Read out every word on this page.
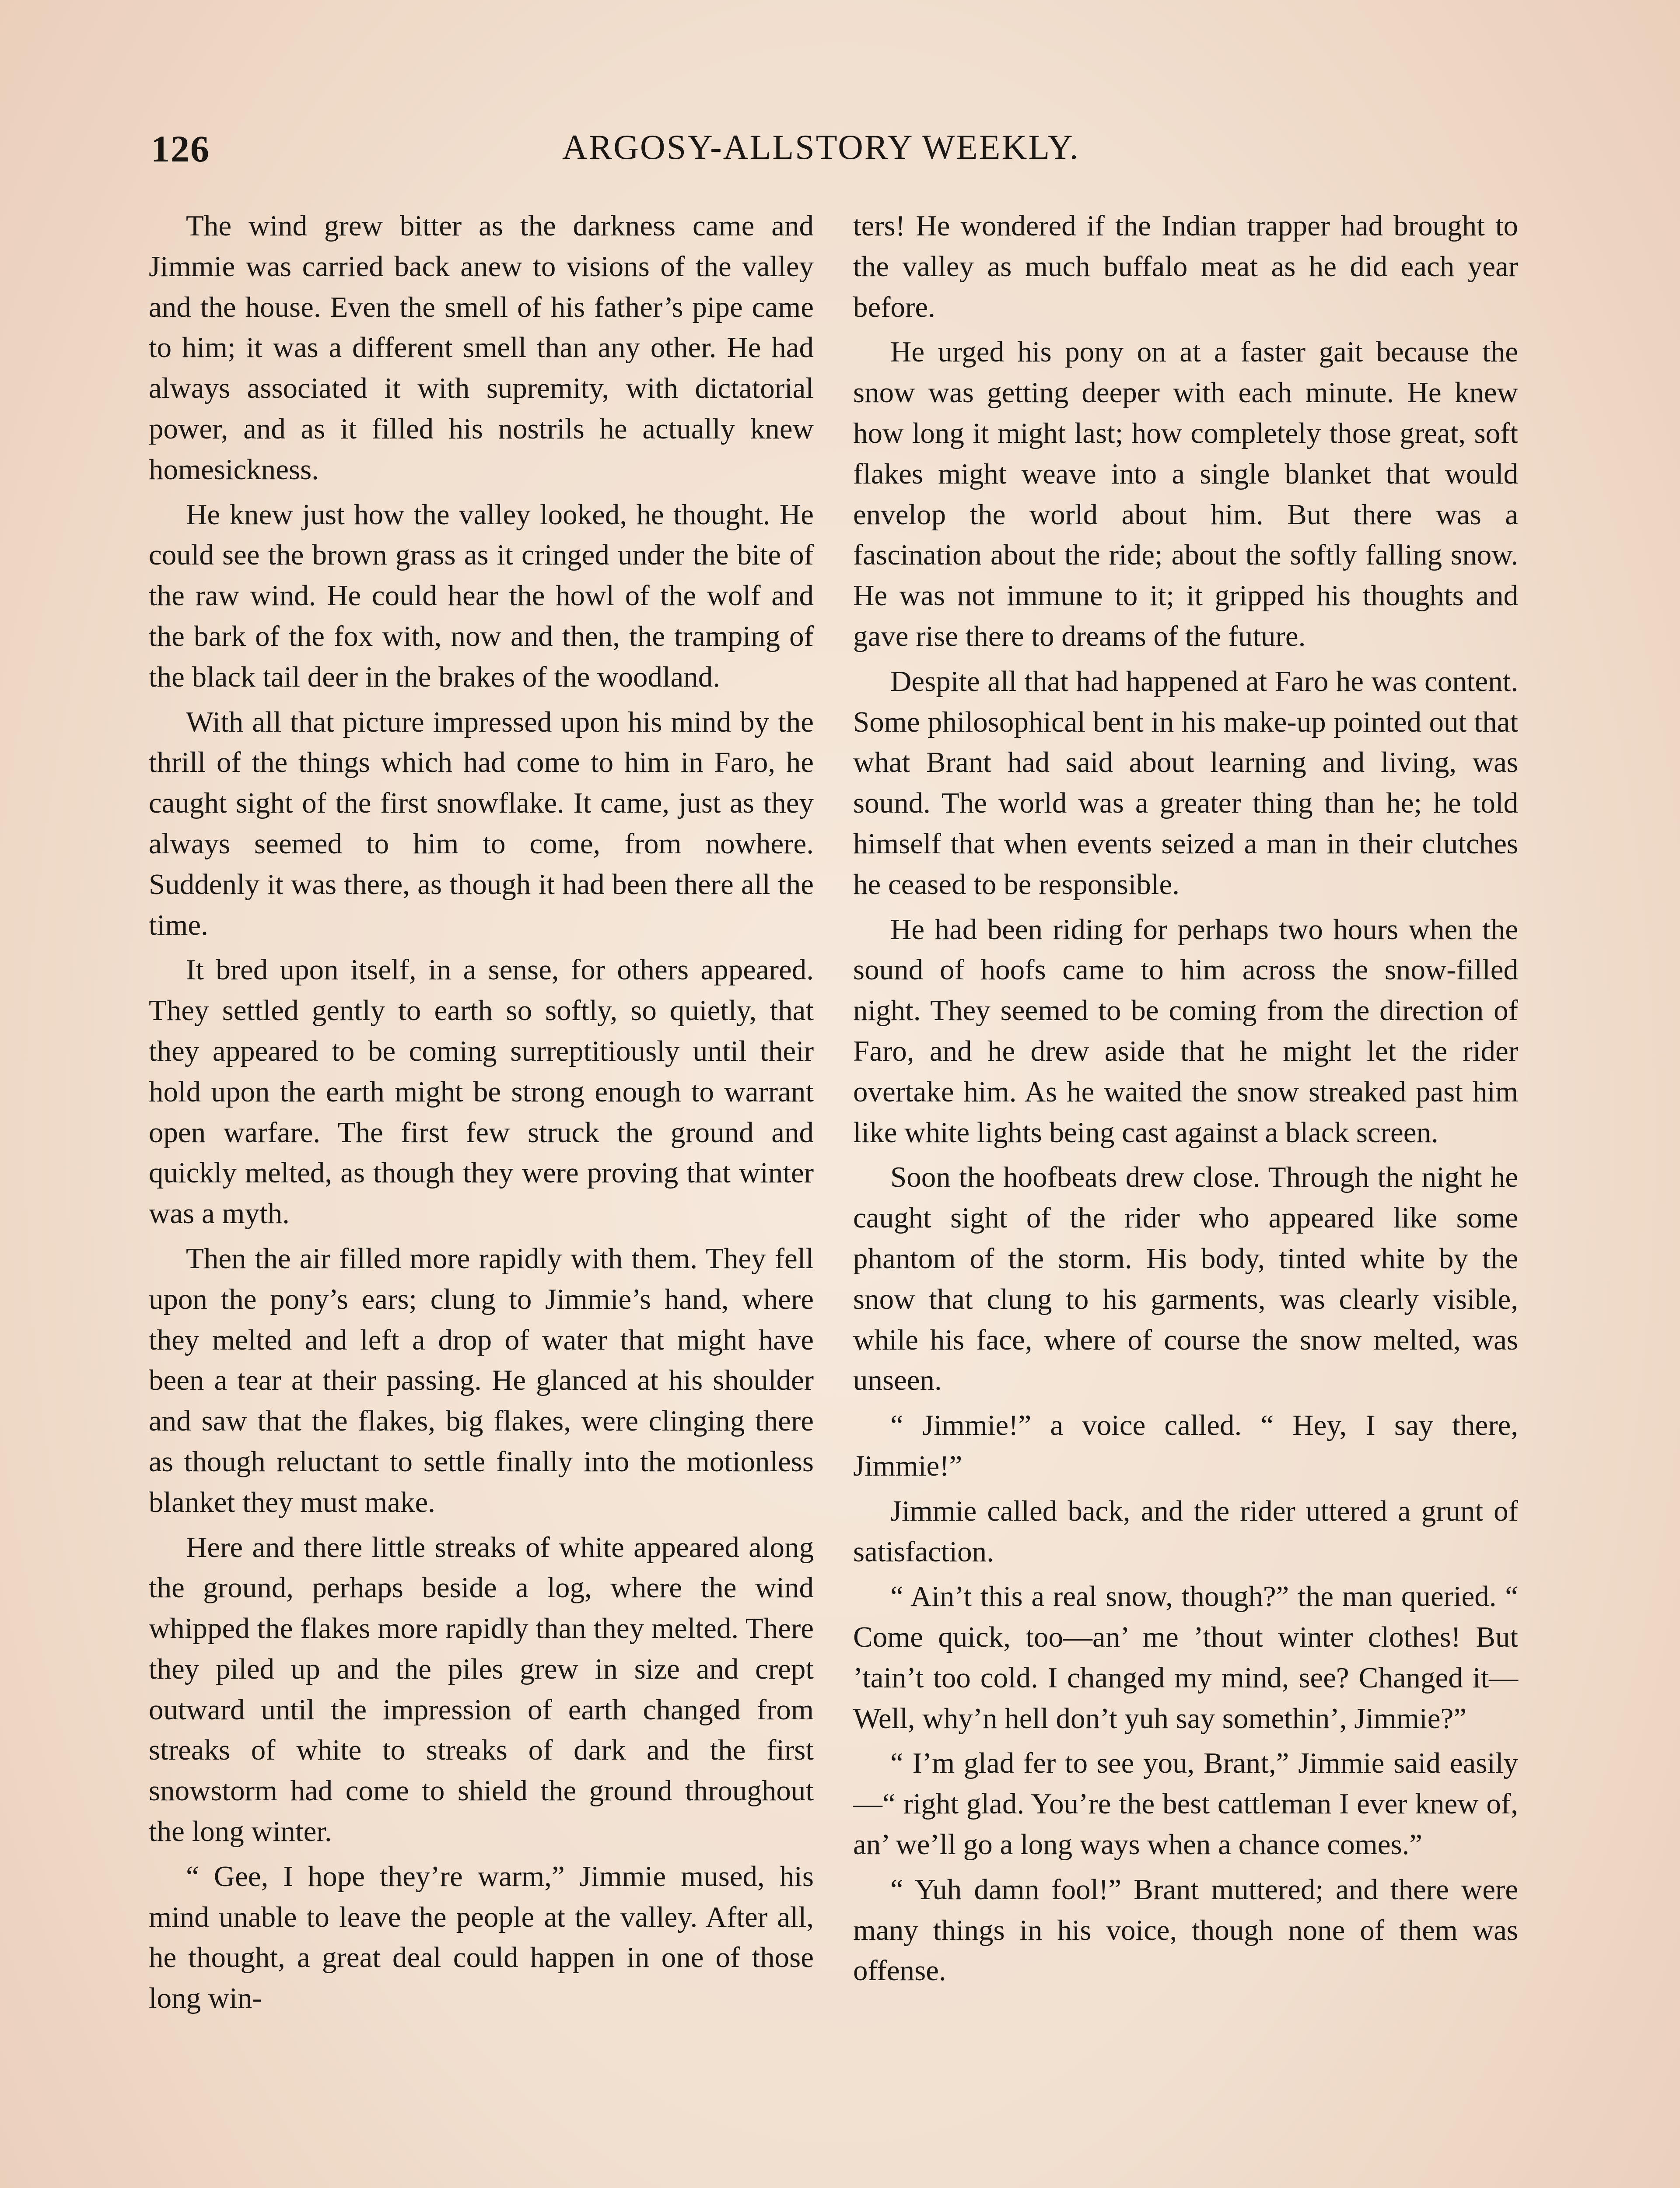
126	ARGOSY-ALLSTORY WEEKLY.

The wind grew bitter as the darkness came and Jimmie was carried back anew to visions of the valley and the house. Even the smell of his father’s pipe came to him; it was a different smell than any other. He had always associated it with supremity, with dictatorial power, and as it filled his nostrils he actually knew homesickness.

He knew just how the valley looked, he thought. He could see the brown grass as it cringed under the bite of the raw wind. He could hear the howl of the wolf and the bark of the fox with, now and then, the tramping of the black tail deer in the brakes of the woodland.

With all that picture impressed upon his mind by the thrill of the things which had come to him in Faro, he caught sight of the first snowflake. It came, just as they always seemed to him to come, from nowhere. Suddenly it was there, as though it had been there all the time.

It bred upon itself, in a sense, for others appeared. They settled gently to earth so softly, so quietly, that they appeared to be coming surreptitiously until their hold upon the earth might be strong enough to warrant open warfare. The first few struck the ground and quickly melted, as though they were proving that winter was a myth.

Then the air filled more rapidly with them. They fell upon the pony’s ears; clung to Jimmie’s hand, where they melted and left a drop of water that might have been a tear at their passing. He glanced at his shoulder and saw that the flakes, big flakes, were clinging there as though reluctant to settle finally into the motionless blanket they must make.

Here and there little streaks of white appeared along the ground, perhaps beside a log, where the wind whipped the flakes more rapidly than they melted. There they piled up and the piles grew in size and crept outward until the impression of earth changed from streaks of white to streaks of dark and the first snowstorm had come to shield the ground throughout the long winter.

“ Gee, I hope they’re warm,” Jimmie mused, his mind unable to leave the people at the valley. After all, he thought, a great deal could happen in one of those long win-

ters! He wondered if the Indian trapper had brought to the valley as much buffalo meat as he did each year before.

He urged his pony on at a faster gait because the snow was getting deeper with each minute. He knew how long it might last; how completely those great, soft flakes might weave into a single blanket that would envelop the world about him. But there was a fascination about the ride; about the softly falling snow. He was not immune to it; it gripped his thoughts and gave rise there to dreams of the future.

Despite all that had happened at Faro he was content. Some philosophical bent in his make-up pointed out that what Brant had said about learning and living, was sound. The world was a greater thing than he; he told himself that when events seized a man in their clutches he ceased to be responsible.

He had been riding for perhaps two hours when the sound of hoofs came to him across the snow-filled night. They seemed to be coming from the direction of Faro, and he drew aside that he might let the rider overtake him. As he waited the snow streaked past him like white lights being cast against a black screen.

Soon the hoofbeats drew close. Through the night he caught sight of the rider who appeared like some phantom of the storm. His body, tinted white by the snow that clung to his garments, was clearly visible, while his face, where of course the snow melted, was unseen.

“ Jimmie!” a voice called. “ Hey, I say there, Jimmie!”

Jimmie called back, and the rider uttered a grunt of satisfaction.

“ Ain’t this a real snow, though?” the man queried. “ Come quick, too—an’ me ’thout winter clothes! But ’tain’t too cold. I changed my mind, see? Changed it— Well, why’n hell don’t yuh say somethin’, Jimmie?”

“ I’m glad fer to see you, Brant,” Jimmie said easily—“ right glad. You’re the best cattleman I ever knew of, an’ we’ll go a long ways when a chance comes.”

“ Yuh damn fool!” Brant muttered; and there were many things in his voice, though none of them was offense.
